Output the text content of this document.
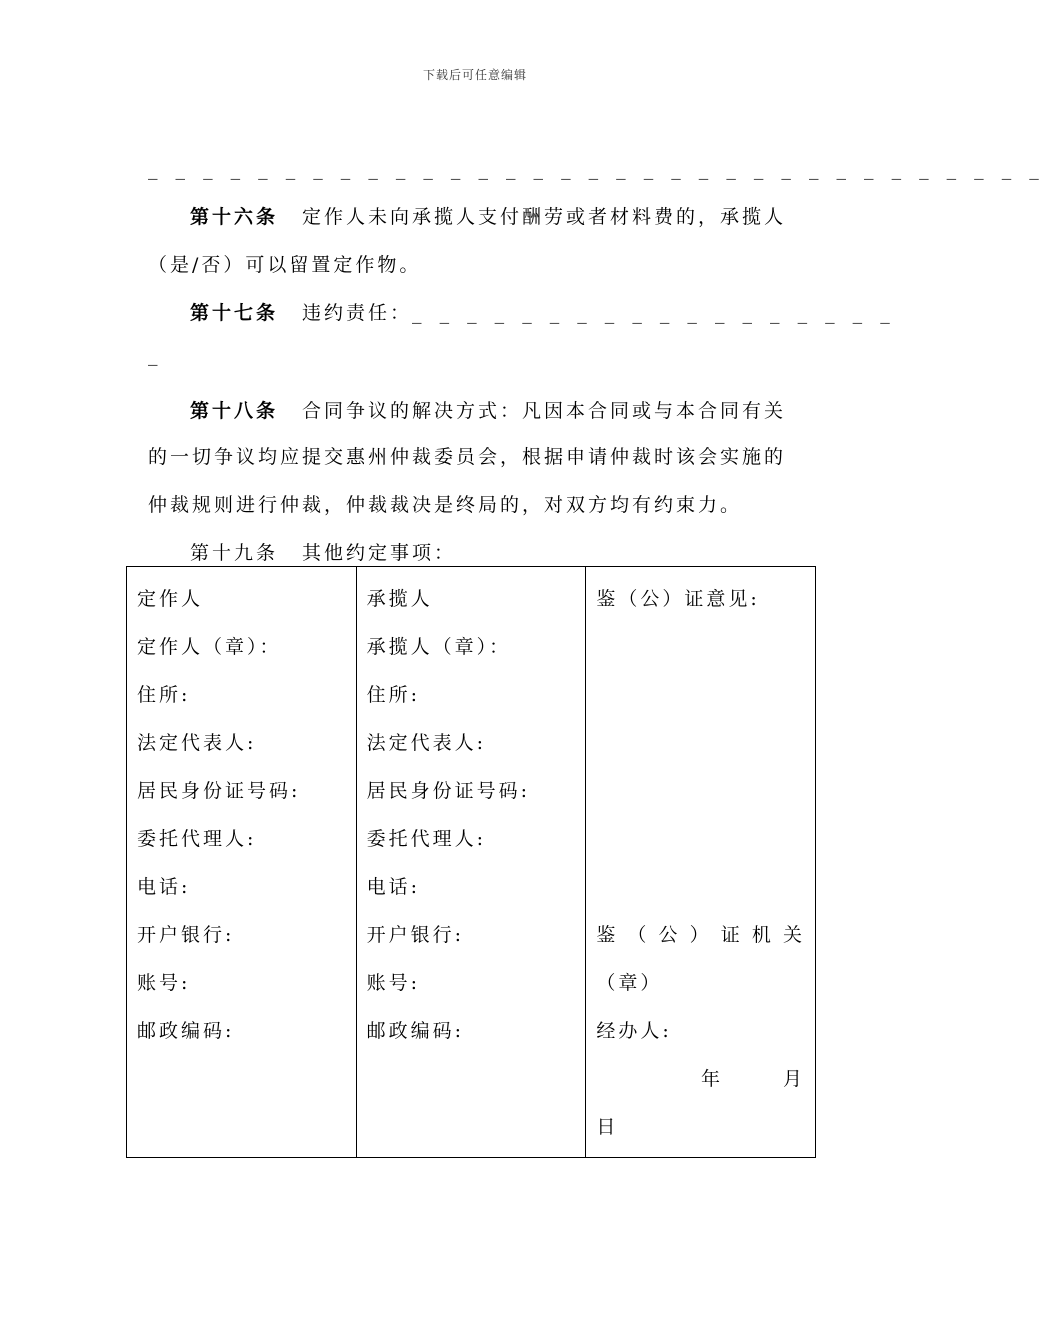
下载后可任意编辑
_ _ _ _ _ _ _ _ _ _ _ _ _ _ _ _ _ _ _ _ _ _ _ _ _ _ _ _ _ _ _ _ _
第十六条 定作人未向承揽人支付酬劳或者材料费的，承揽人
（是/否）可以留置定作物。
第十七条 违约责任：_ _ _ _ _ _ _ _ _ _ _ _ _ _ _ _ _ _
_
第十八条 合同争议的解决方式：凡因本合同或与本合同有关
的一切争议均应提交惠州仲裁委员会，根据申请仲裁时该会实施的
仲裁规则进行仲裁，仲裁裁决是终局的，对双方均有约束力。
第十九条 其他约定事项：
定作人
定作人（章）：
住所:
法定代表人:
居民身份证号码:
委托代理人:
电话:
开户银行:
账号:
邮政编码:

承揽人
承揽人（章）：
住所:
法定代表人:
居民身份证号码:
委托代理人:
电话:
开户银行:
账号:
邮政编码:

鉴（公）证意见:
鉴 （ 公 ） 证 机 关
（章）
经办人:
年	月
日
